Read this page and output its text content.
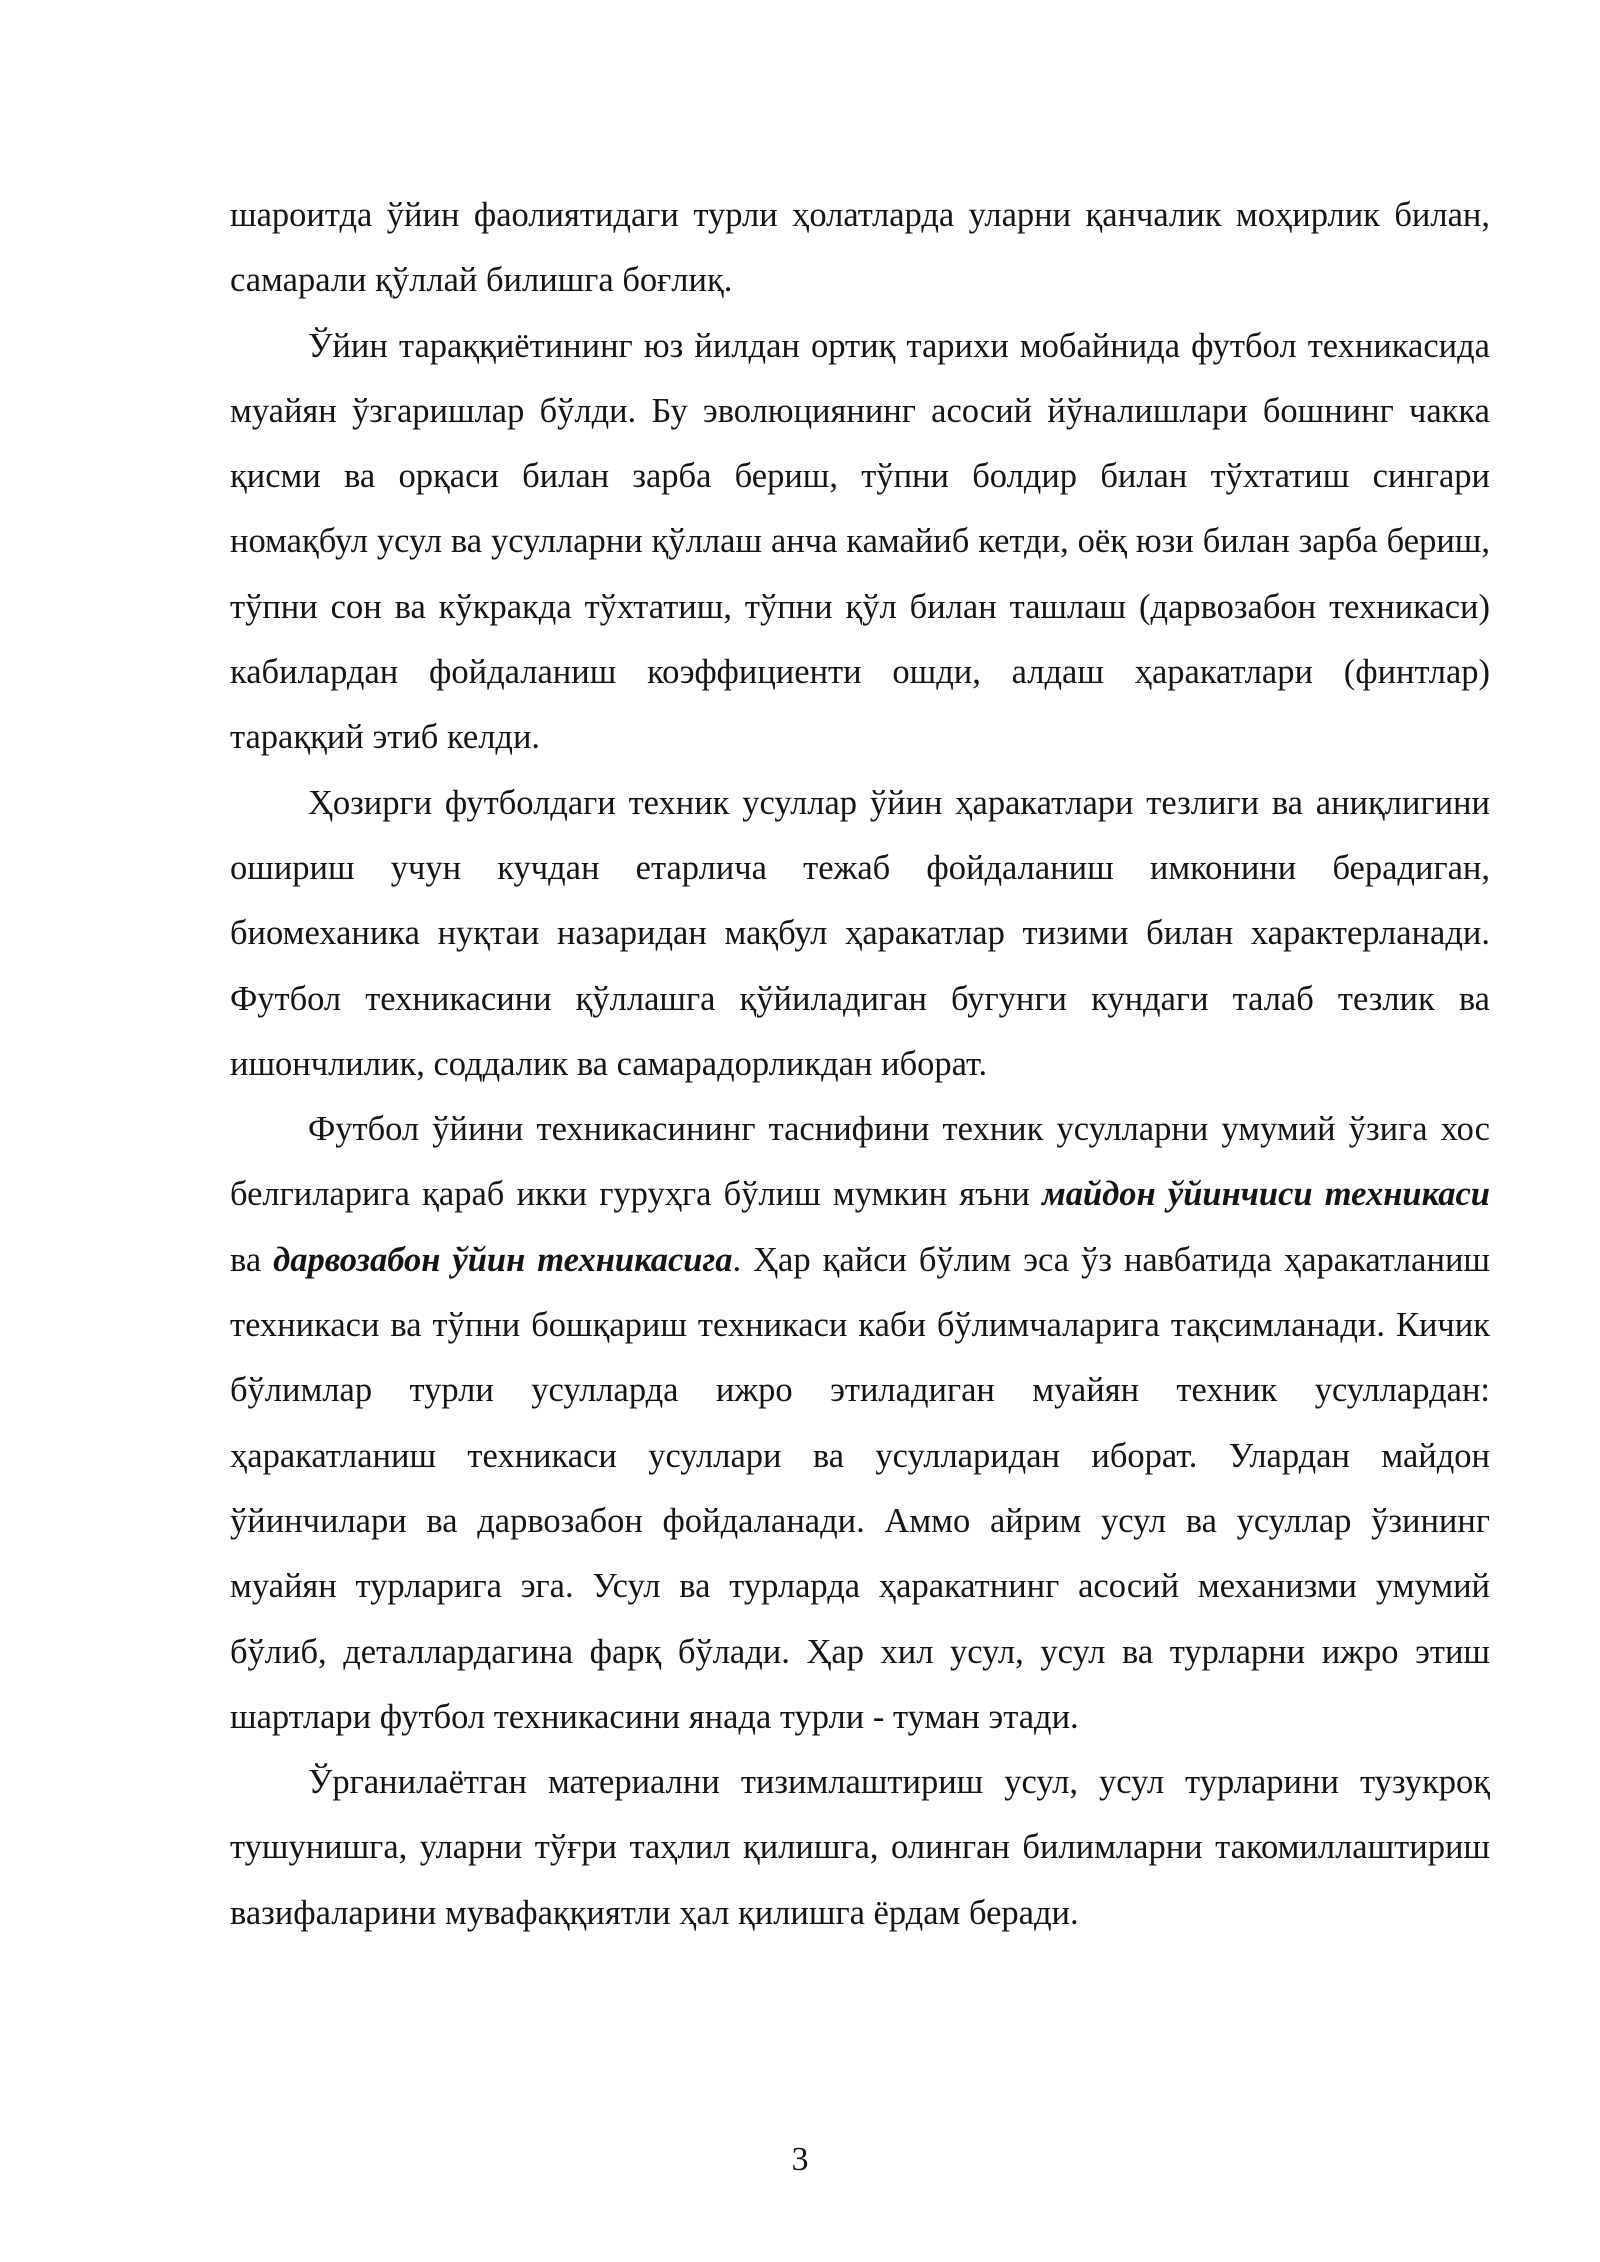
шароитда ўйин фаолиятидаги турли ҳолатларда уларни қанчалик моҳирлик билан, самарали қўллай билишга боғлиқ.

Ўйин тараққиётининг юз йилдан ортиқ тарихи мобайнида футбол техникасида муайян ўзгаришлар бўлди. Бу эволюциянинг асосий йўналишлари бошнинг чакка қисми ва орқаси билан зарба бериш, тўпни болдир билан тўхтатиш сингари номақбул усул ва усулларни қўллаш анча камайиб кетди, оёқ юзи билан зарба бериш, тўпни сон ва кўкракда тўхтатиш, тўпни қўл билан ташлаш (дарвозабон техникаси) кабилардан фойдаланиш коэффициенти ошди, алдаш ҳаракатлари (финтлар) тараққий этиб келди.

Ҳозирги футболдаги техник усуллар ўйин ҳаракатлари тезлиги ва аниқлигини ошириш учун кучдан етарлича тежаб фойдаланиш имконини берадиган, биомеханика нуқтаи назаридан мақбул ҳаракатлар тизими билан характерланади. Футбол техникасини қўллашга қўйиладиган бугунги кундаги талаб тезлик ва ишончлилик, соддалик ва самарадорликдан иборат.

Футбол ўйини техникасининг таснифини техник усулларни умумий ўзига хос белгиларига қараб икки гуруҳга бўлиш мумкин яъни майдон ўйинчиси техникаси ва дарвозабон ўйин техникасига. Ҳар қайси бўлим эса ўз навбатида ҳаракатланиш техникаси ва тўпни бошқариш техникаси каби бўлимчаларига тақсимланади. Кичик бўлимлар турли усулларда ижро этиладиган муайян техник усуллардан: ҳаракатланиш техникаси усуллари ва усулларидан иборат. Улардан майдон ўйинчилари ва дарвозабон фойдаланади. Аммо айрим усул ва усуллар ўзининг муайян турларига эга. Усул ва турларда ҳаракатнинг асосий механизми умумий бўлиб, деталлардагина фарқ бўлади. Ҳар хил усул, усул ва турларни ижро этиш шартлари футбол техникасини янада турли - туман этади.

Ўрганилаётган материални тизимлаштириш усул, усул турларини тузукроқ тушунишга, уларни тўғри таҳлил қилишга, олинган билимларни такомиллаштириш вазифаларини мувафаққиятли ҳал қилишга ёрдам беради.

3
